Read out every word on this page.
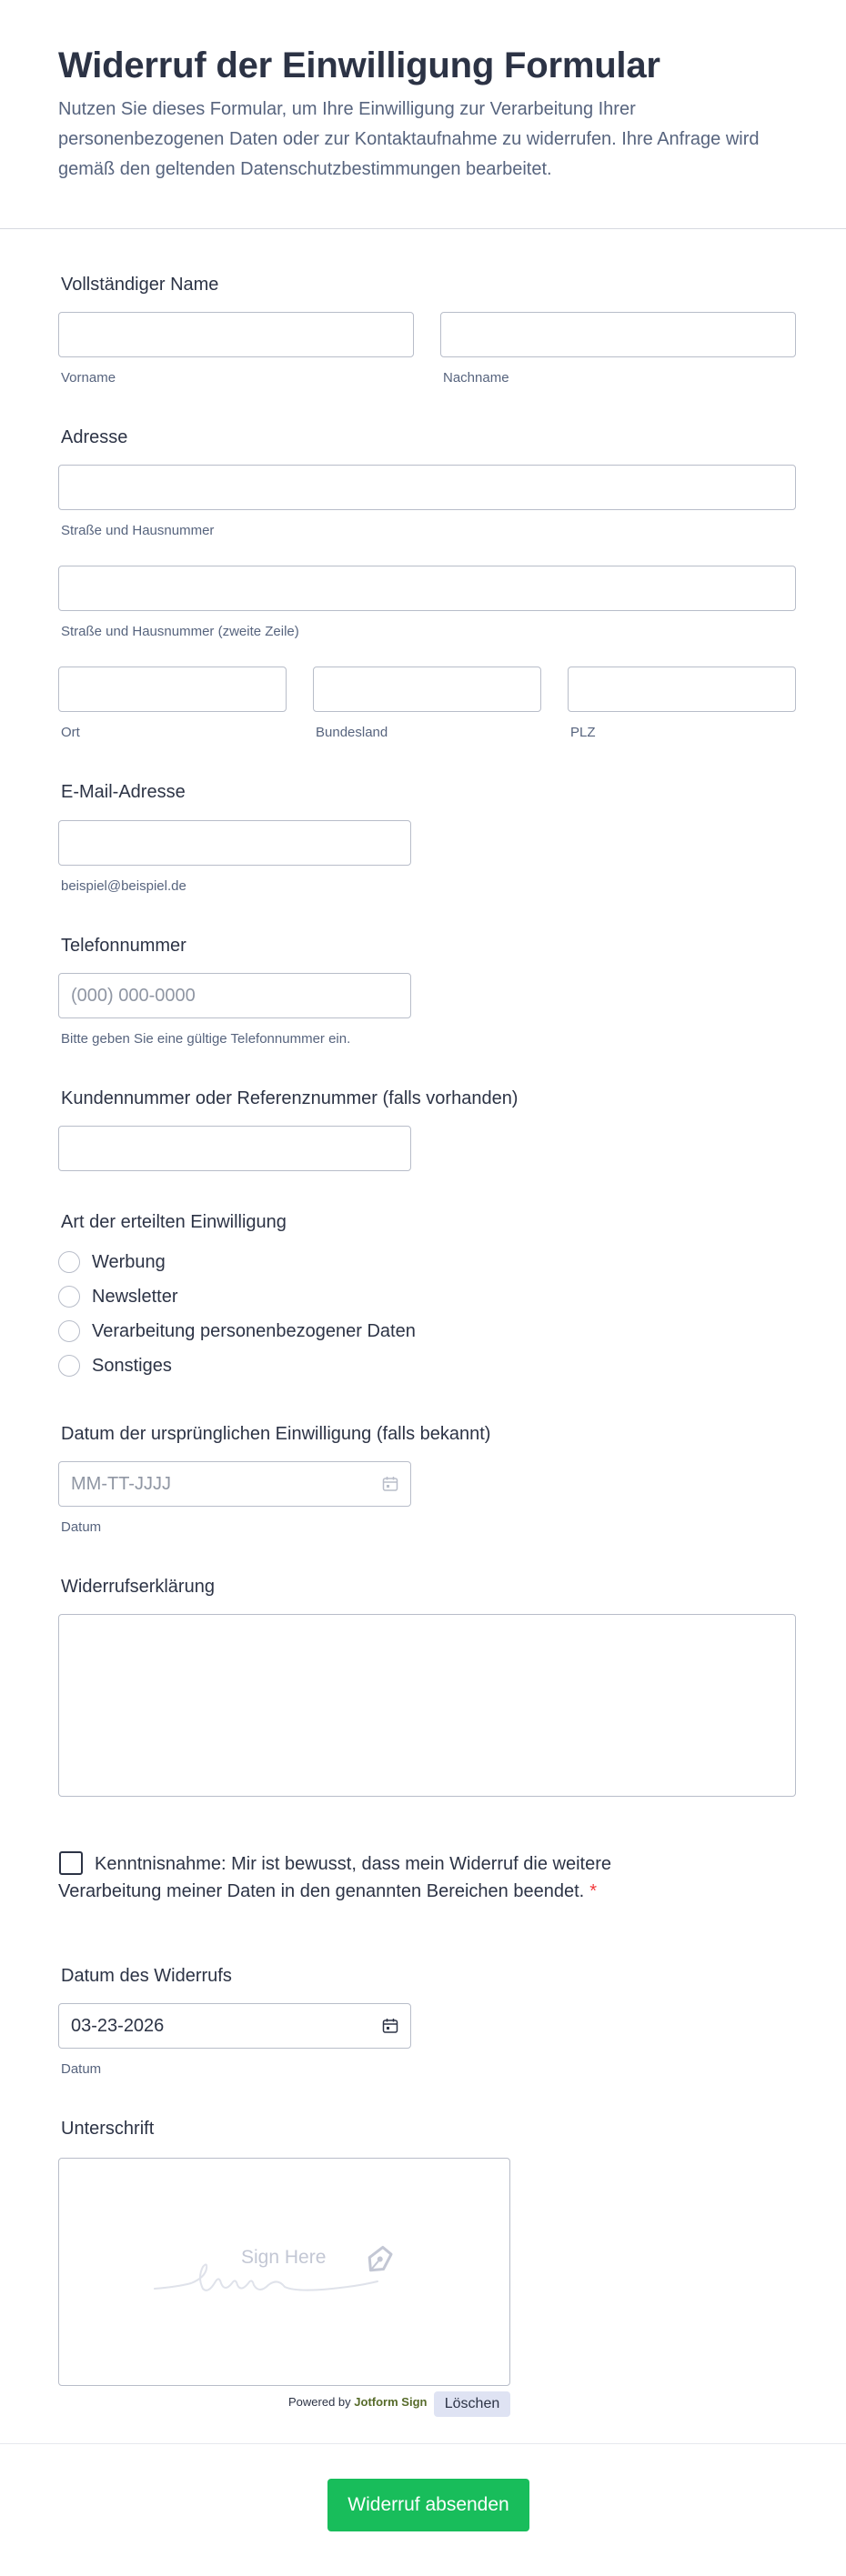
Widerruf der Einwilligung Formular

Nutzen Sie dieses Formular, um Ihre Einwilligung zur Verarbeitung Ihrer personenbezogenen Daten oder zur Kontaktaufnahme zu widerrufen. Ihre Anfrage wird gemäß den geltenden Datenschutzbestimmungen bearbeitet.

Vollständiger Name
Vorname	Nachname
Adresse
Straße und Hausnummer
Straße und Hausnummer (zweite Zeile)
Ort	Bundesland	PLZ
E-Mail-Adresse
beispiel@beispiel.de
Telefonnummer
(000) 000-0000
Bitte geben Sie eine gültige Telefonnummer ein.
Kundennummer oder Referenznummer (falls vorhanden)
Art der erteilten Einwilligung
Werbung
Newsletter
Verarbeitung personenbezogener Daten
Sonstiges
Datum der ursprünglichen Einwilligung (falls bekannt)
MM-TT-JJJJ
Datum
Widerrufserklärung
Kenntnisnahme: Mir ist bewusst, dass mein Widerruf die weitere Verarbeitung meiner Daten in den genannten Bereichen beendet. *
Datum des Widerrufs
03-23-2026
Datum
Unterschrift
Sign Here
Powered by Jotform Sign	Löschen
Widerruf absenden
